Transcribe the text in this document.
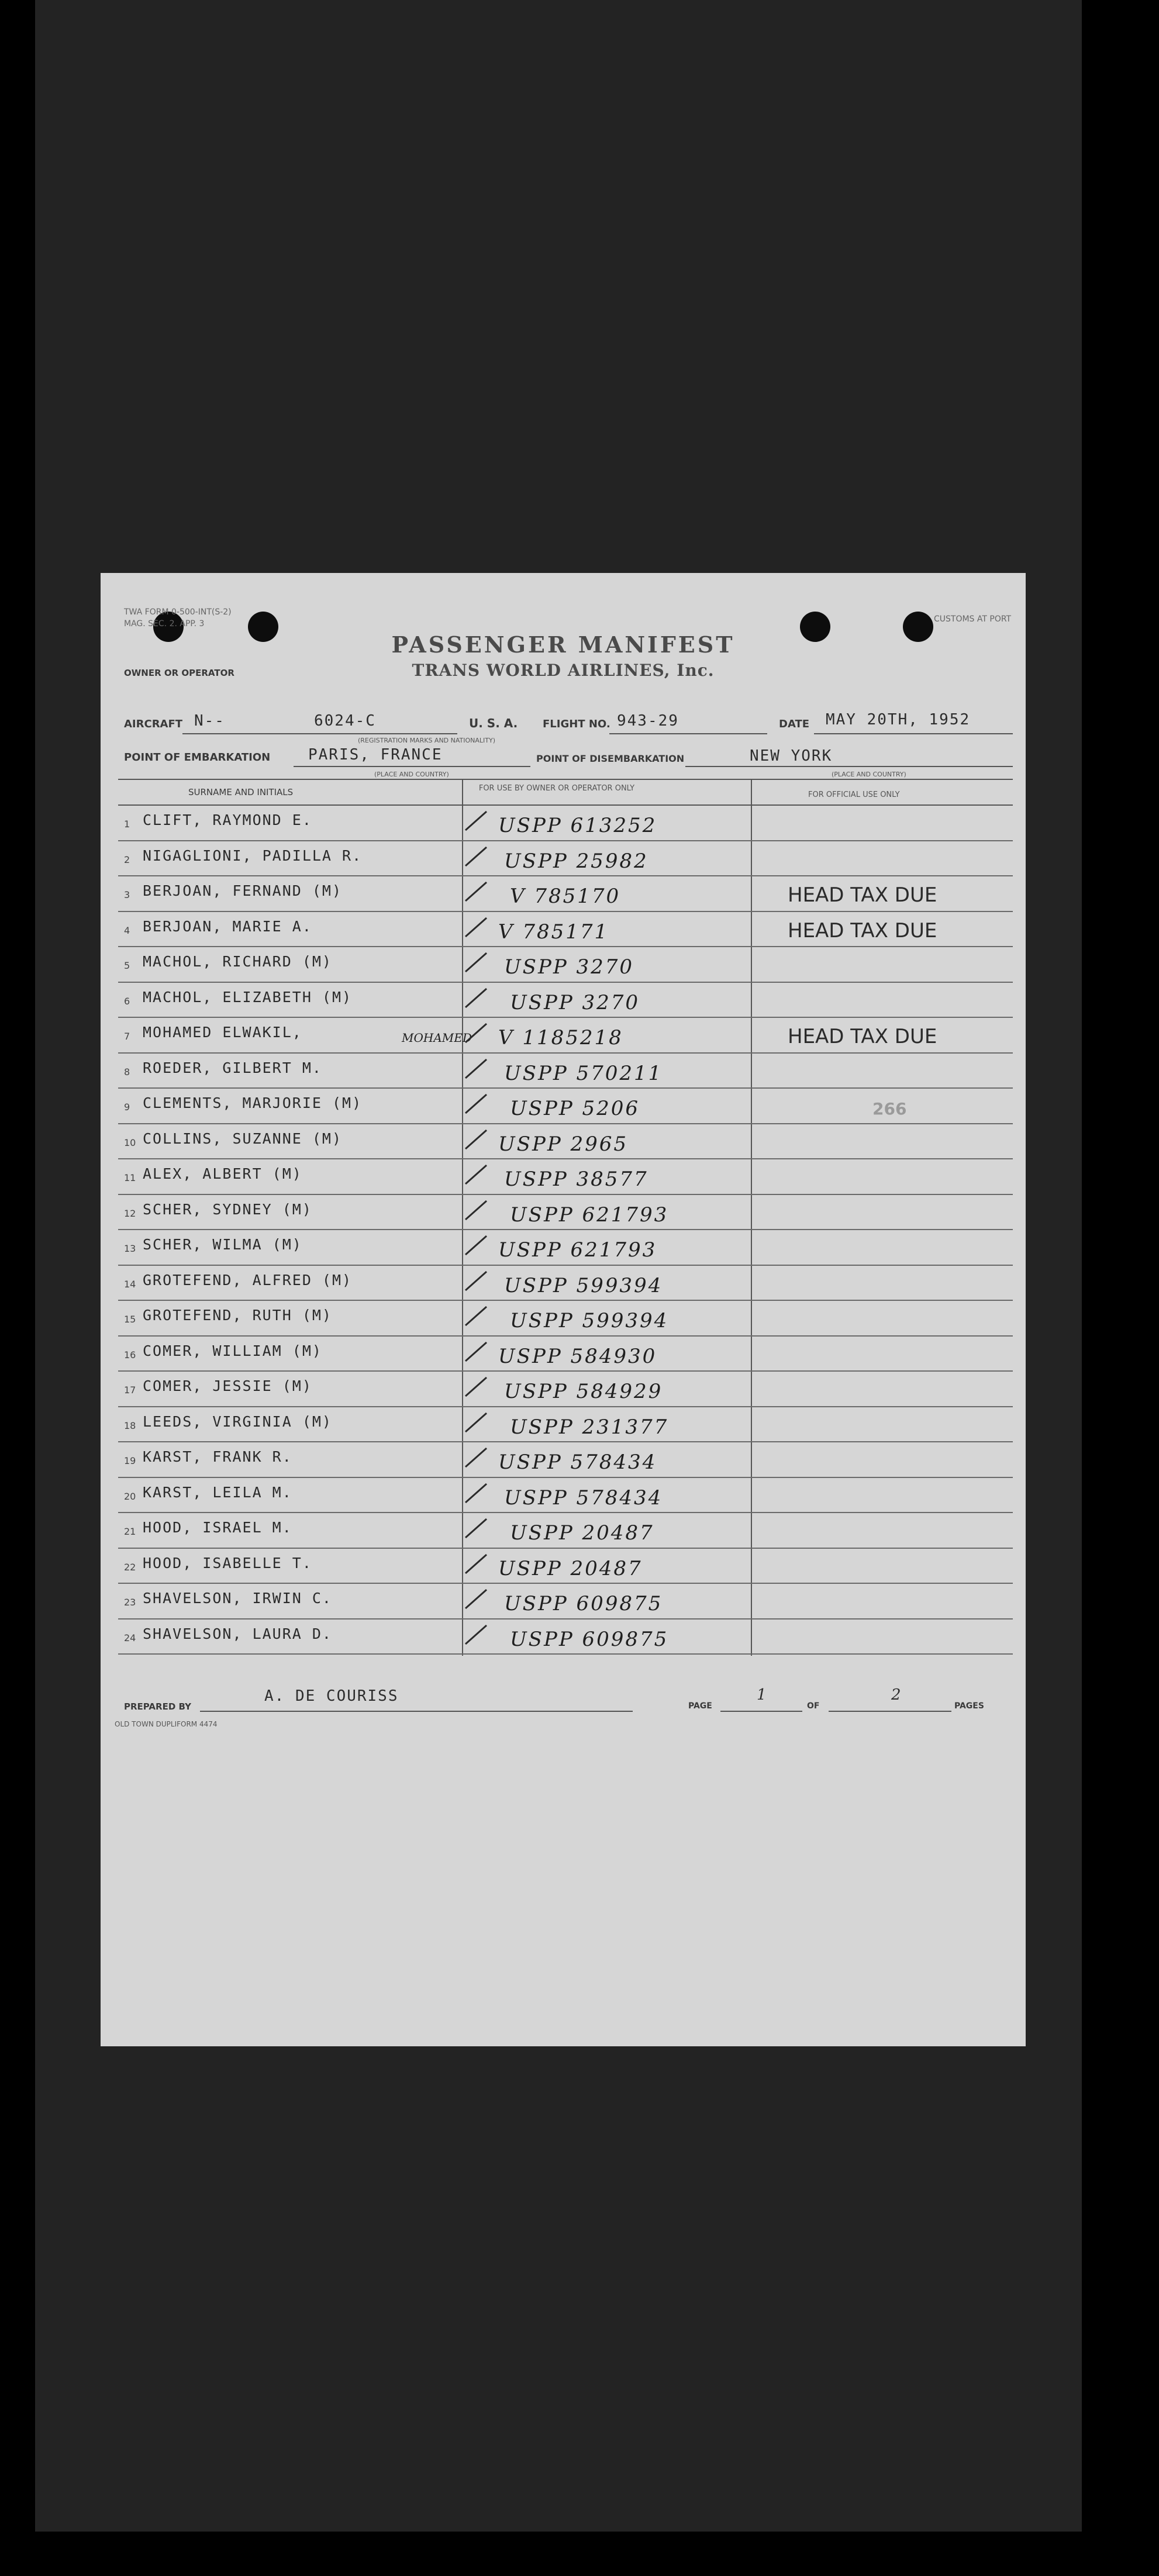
TWA FORM 0-500-INT(S-2)
MAG. SEC. 2. APP. 3	CUSTOMS AT PORT
PASSENGER MANIFEST
TRANS WORLD AIRLINES, Inc.
OWNER OR OPERATOR
AIRCRAFT N--	6024-C	U. S. A. FLIGHT NO. 943-29	DATE MAY 20TH, 1952
(REGISTRATION MARKS AND NATIONALITY)
POINT OF EMBARKATION PARIS, FRANCE	POINT OF DISEMBARKATION	NEW YORK
(PLACE AND COUNTRY)	(PLACE AND COUNTRY)
SURNAME AND INITIALS	FOR USE BY OWNER OR OPERATOR ONLY
FOR OFFICIAL USE ONLY
1 CLIFT, RAYMOND E.	USPP 613252
2 NIGAGLIONI, PADILLA R.	USPP 25982
3 BERJOAN, FERNAND (M)	V 785170	HEAD TAX DUE
4 BERJOAN, MARIE A.	V 785171	HEAD TAX DUE
5 MACHOL, RICHARD (M)	USPP 3270
6 MACHOL, ELIZABETH (M)	USPP 3270
7 MOHAMED ELWAKIL,	MOHAMED V 1185218	HEAD TAX DUE
8 ROEDER, GILBERT M.	USPP 570211
9 CLEMENTS, MARJORIE (M)	USPP 5206	266
10 COLLINS, SUZANNE (M)	USPP 2965
11 ALEX, ALBERT (M)	USPP 38577
12 SCHER, SYDNEY (M)	USPP 621793
13 SCHER, WILMA (M)	USPP 621793
14 GROTEFEND, ALFRED (M)	USPP 599394
15 GROTEFEND, RUTH (M)	USPP 599394
16 COMER, WILLIAM (M)	USPP 584930
17 COMER, JESSIE (M)	USPP 584929
18 LEEDS, VIRGINIA (M)	USPP 231377
19 KARST, FRANK R.	USPP 578434
20 KARST, LEILA M.	USPP 578434
21 HOOD, ISRAEL M.	USPP 20487
22 HOOD, ISABELLE T.	USPP 20487
23 SHAVELSON, IRWIN C.	USPP 609875
24 SHAVELSON, LAURA D.	USPP 609875
PREPARED BY
A. DE COURISS
PAGE
1
OF
2
PAGES
OLD TOWN DUPLIFORM 4474
